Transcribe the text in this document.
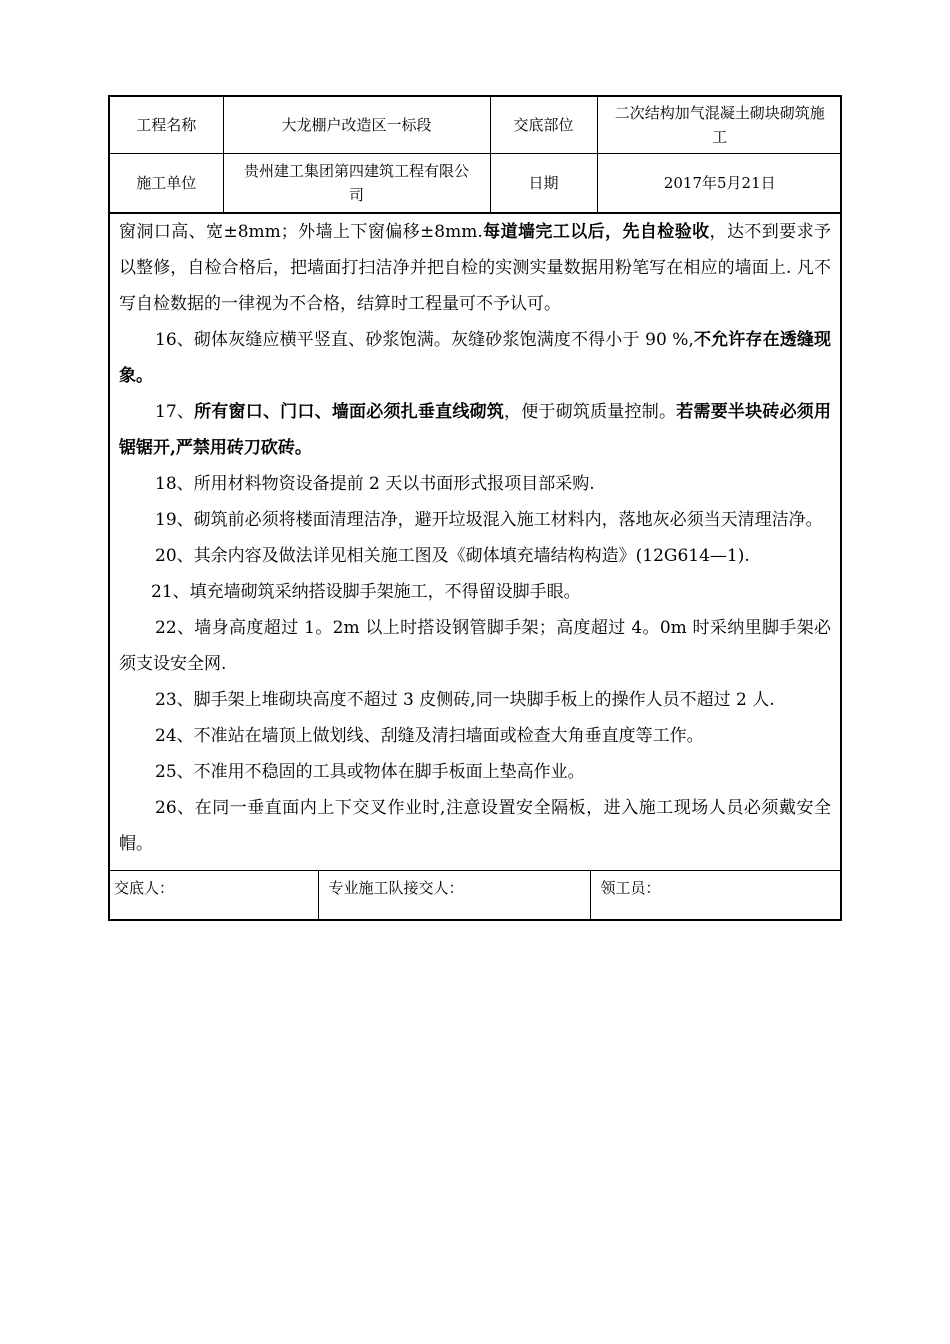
工程名称	大龙棚户改造区一标段	交底部位	二次结构加气混凝土砌块砌筑施工
施工单位	贵州建工集团第四建筑工程有限公司	日期	2017年5月21日

窗洞口高、宽±8mm；外墙上下窗偏移±8mm.每道墙完工以后，先自检验收，达不到要求予以整修，自检合格后，把墙面打扫洁净并把自检的实测实量数据用粉笔写在相应的墙面上. 凡不写自检数据的一律视为不合格，结算时工程量可不予认可。

16、砌体灰缝应横平竖直、砂浆饱满。灰缝砂浆饱满度不得小于 90 %,不允许存在透缝现象。

17、所有窗口、门口、墙面必须扎垂直线砌筑，便于砌筑质量控制。若需要半块砖必须用锯锯开,严禁用砖刀砍砖。

18、所用材料物资设备提前 2 天以书面形式报项目部采购.

19、砌筑前必须将楼面清理洁净，避开垃圾混入施工材料内，落地灰必须当天清理洁净。

20、其余内容及做法详见相关施工图及《砌体填充墙结构构造》(12G614—1).

21、填充墙砌筑采纳搭设脚手架施工，不得留设脚手眼。

22、墙身高度超过 1。2m 以上时搭设钢管脚手架；高度超过 4。0m 时采纳里脚手架必须支设安全网.

23、脚手架上堆砌块高度不超过 3 皮侧砖,同一块脚手板上的操作人员不超过 2 人.

24、不准站在墙顶上做划线、刮缝及清扫墙面或检查大角垂直度等工作。

25、不准用不稳固的工具或物体在脚手板面上垫高作业。

26、在同一垂直面内上下交叉作业时,注意设置安全隔板，进入施工现场人员必须戴安全帽。

交底人：	专业施工队接交人：	领工员：
